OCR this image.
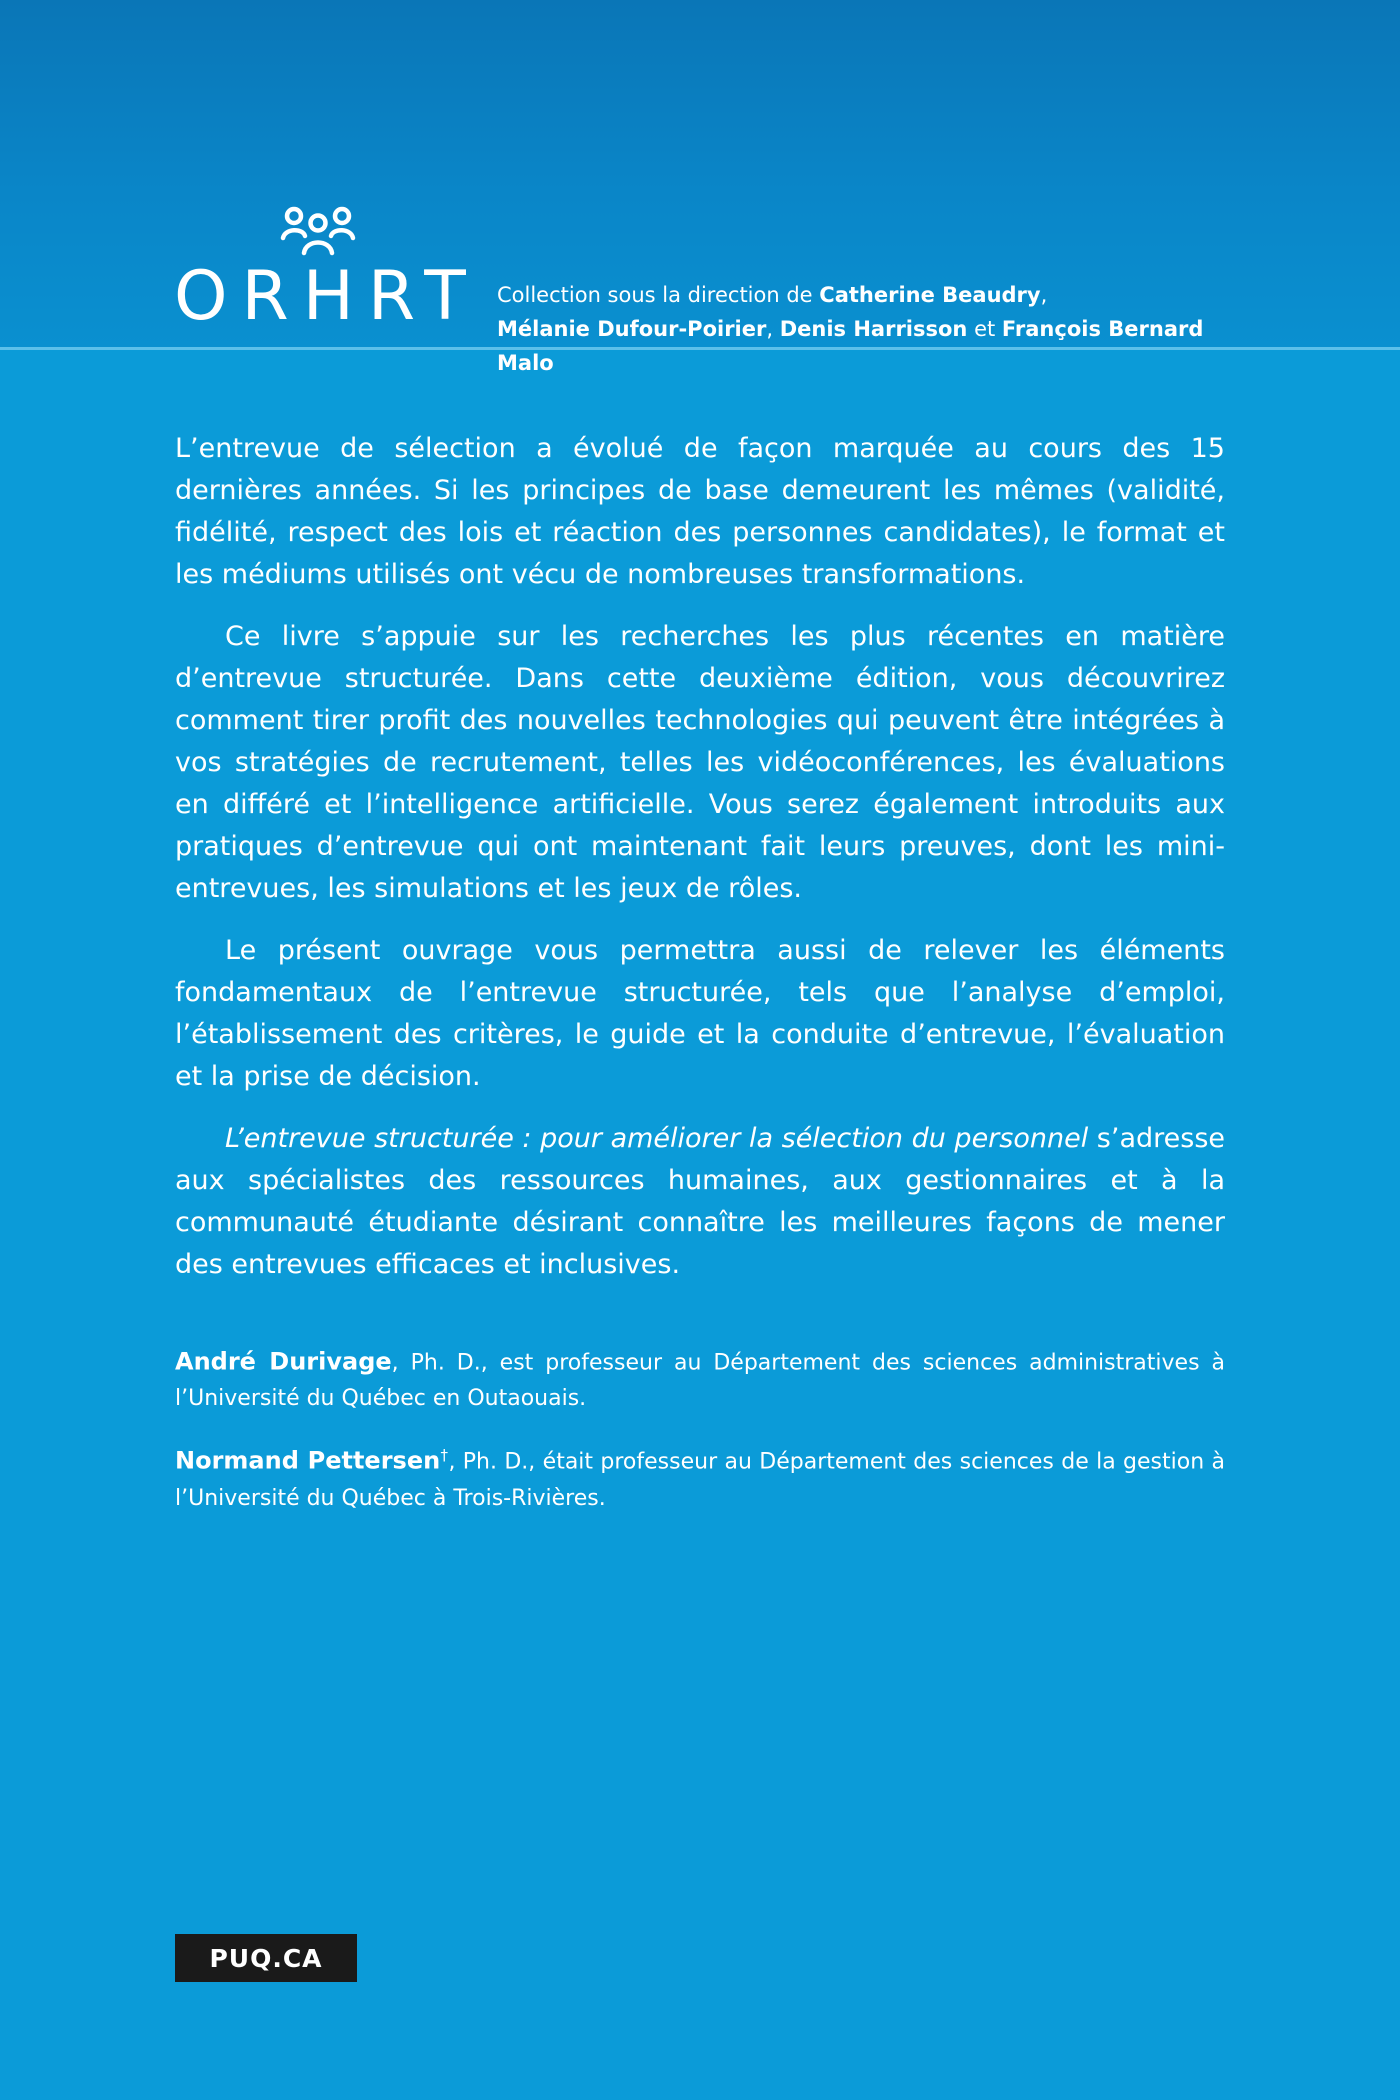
ORHRT Collection sous la direction de Catherine Beaudry,
Mélanie Dufour-Poirier, Denis Harrisson et François Bernard Malo

L’entrevue de sélection a évolué de façon marquée au cours des 15 dernières années. Si les principes de base demeurent les mêmes (validité, fidélité, respect des lois et réaction des personnes candidates), le format et les médiums utilisés ont vécu de nombreuses transformations.

Ce livre s’appuie sur les recherches les plus récentes en matière d’entrevue structurée. Dans cette deuxième édition, vous découvrirez comment tirer profit des nouvelles technologies qui peuvent être intégrées à vos stratégies de recrutement, telles les vidéoconférences, les évaluations en différé et l’intelligence artificielle. Vous serez également introduits aux pratiques d’entrevue qui ont maintenant fait leurs preuves, dont les mini-entrevues, les simulations et les jeux de rôles.

Le présent ouvrage vous permettra aussi de relever les éléments fondamentaux de l’entrevue structurée, tels que l’analyse d’emploi, l’établissement des critères, le guide et la conduite d’entrevue, l’évaluation et la prise de décision.

L’entrevue structurée : pour améliorer la sélection du personnel s’adresse aux spécialistes des ressources humaines, aux gestionnaires et à la communauté étudiante désirant connaître les meilleures façons de mener des entrevues efficaces et inclusives.

André Durivage, Ph. D., est professeur au Département des sciences administratives à l’Université du Québec en Outaouais.

Normand Pettersen†, Ph. D., était professeur au Département des sciences de la gestion à l’Université du Québec à Trois-Rivières.

PUQ.CA
